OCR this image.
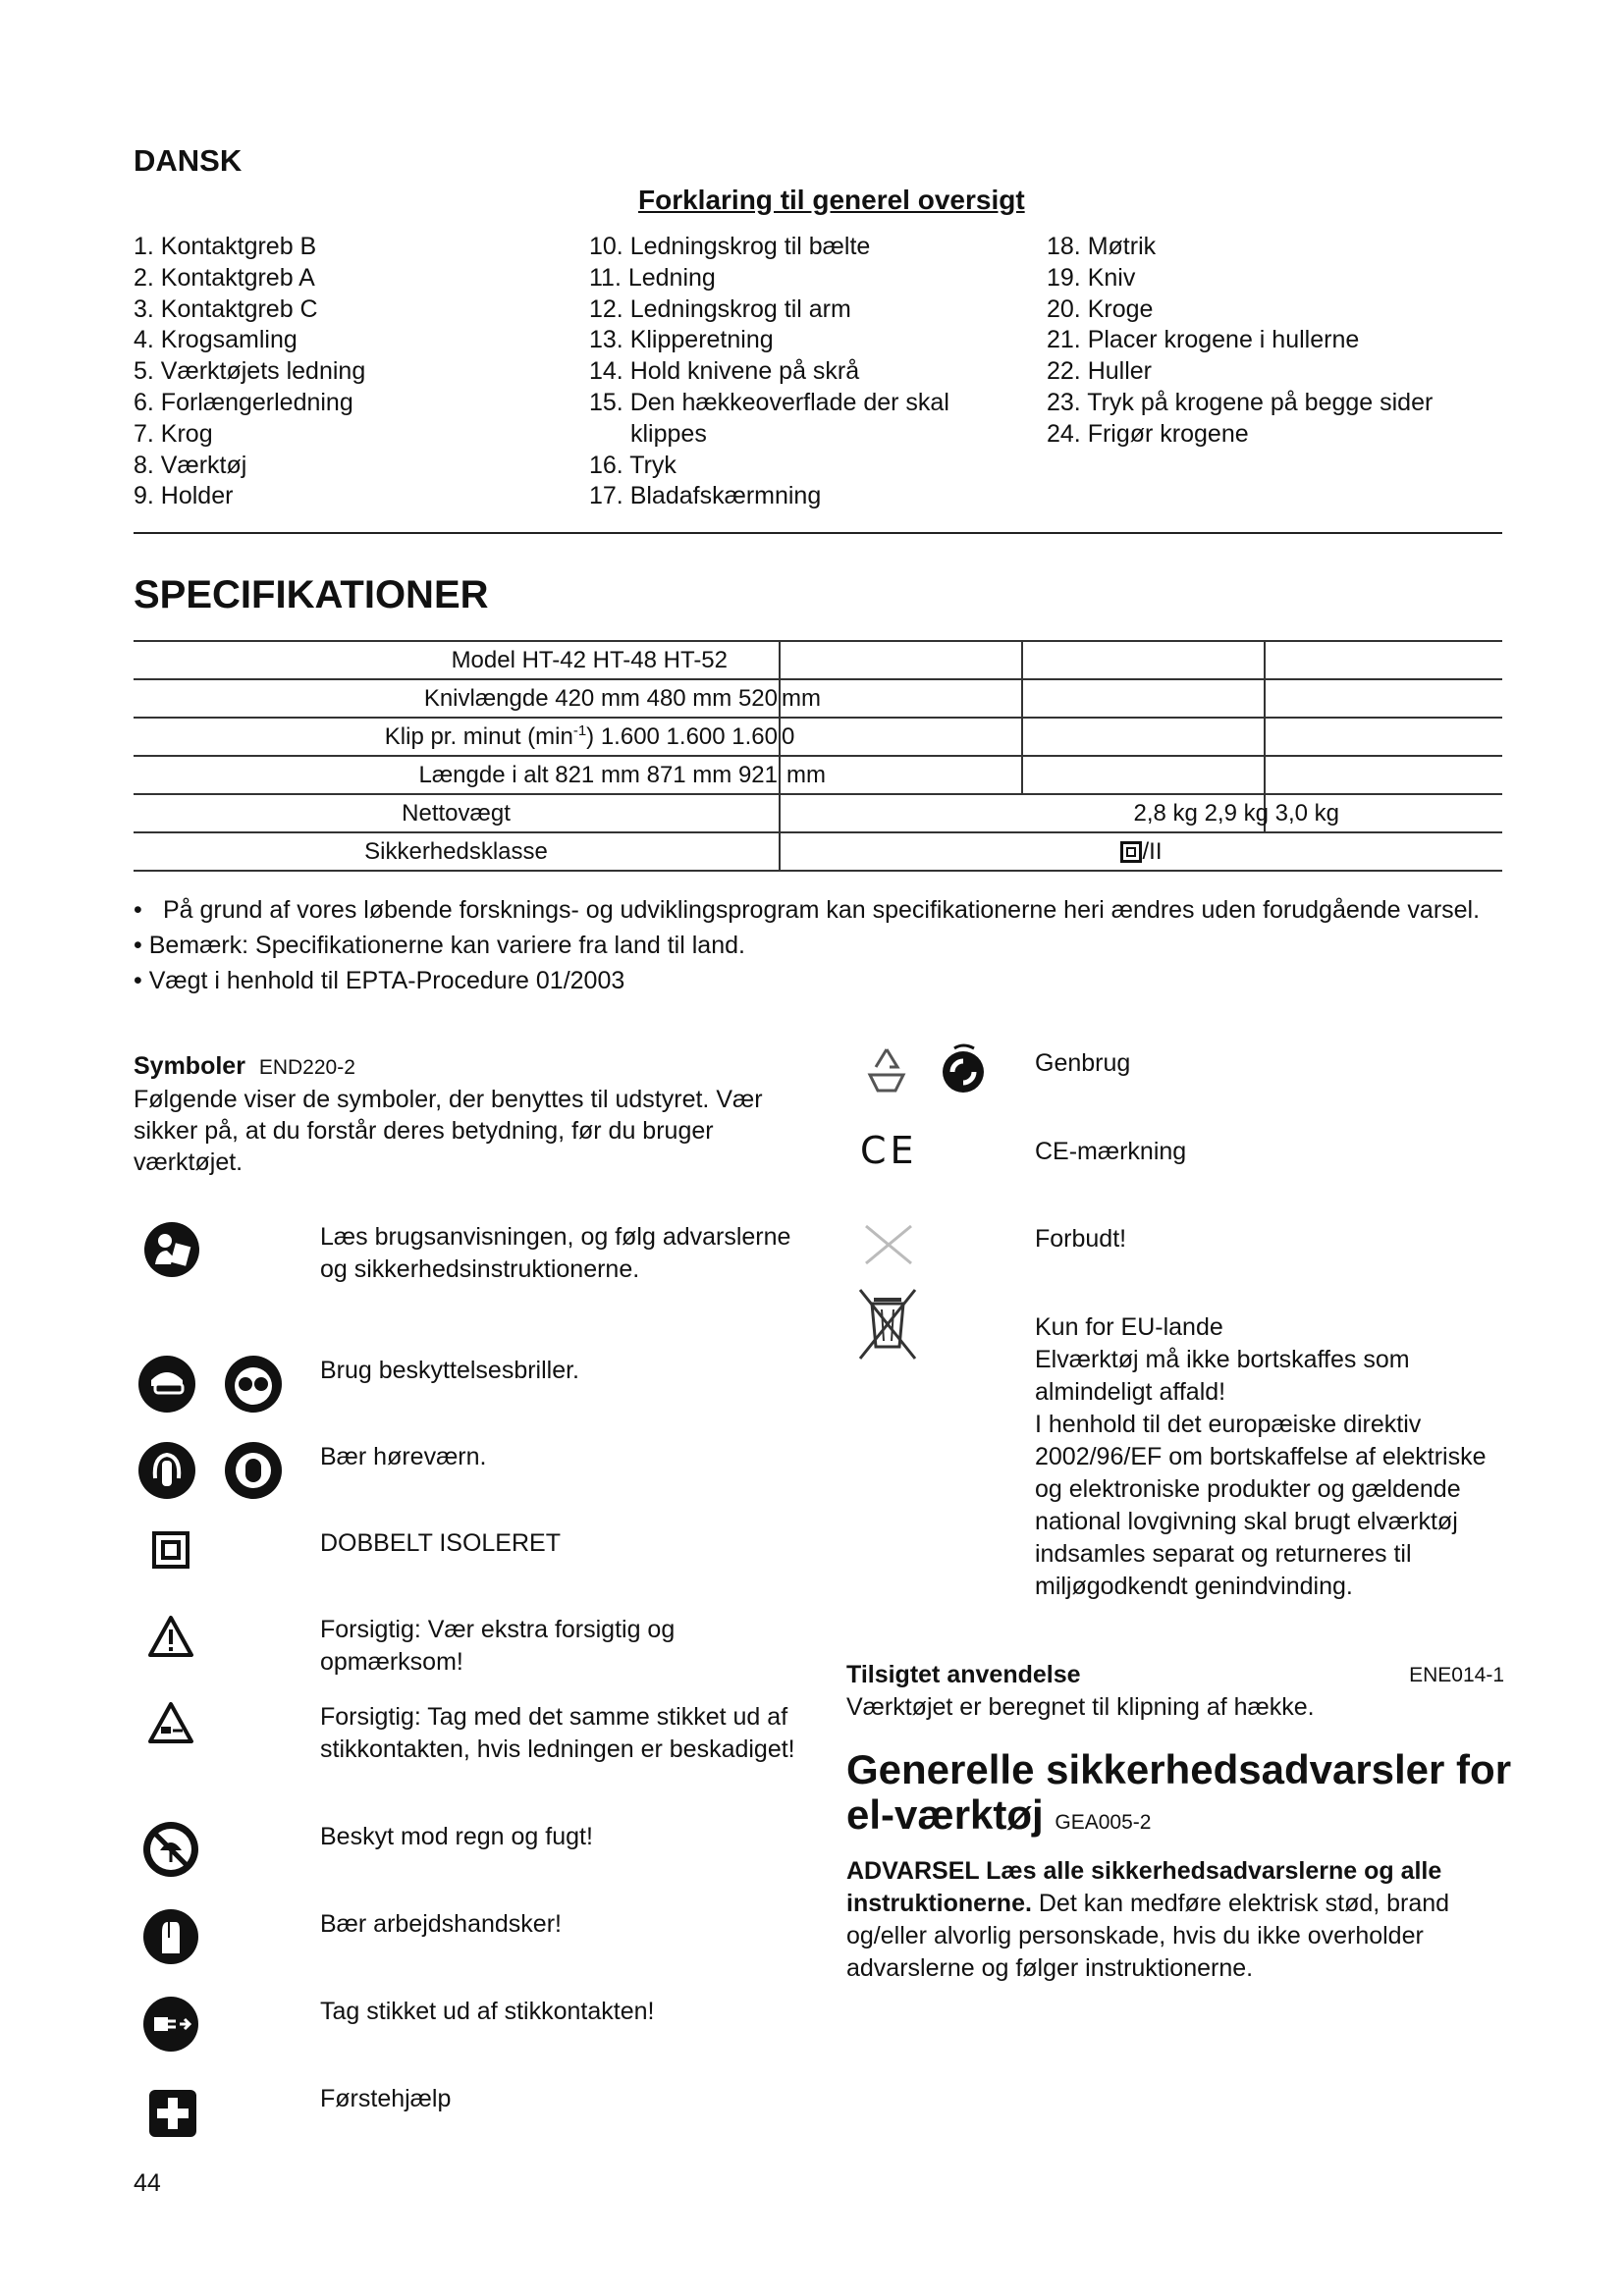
DANSK
Forklaring til generel oversigt
1. Kontaktgreb B
2. Kontaktgreb A
3. Kontaktgreb C
4. Krogsamling
5. Værktøjets ledning
6. Forlængerledning
7. Krog
8. Værktøj
9. Holder
10. Ledningskrog til bælte
11. Ledning
12. Ledningskrog til arm
13. Klipperetning
14. Hold knivene på skrå
15. Den hækkeoverflade der skal
klippes
16. Tryk
17. Bladafskærmning
18. Møtrik
19. Kniv
20. Kroge
21. Placer krogene i hullerne
22. Huller
23. Tryk på krogene på begge sider
24. Frigør krogene
SPECIFIKATIONER
Model HT-42 HT-48 HT-52			
Knivlængde 420 mm 480 mm 520	mm		
Klip pr. minut $(\min^{-1})$ 1.600 1.600 1.60	0		
Længde i alt 821 mm 871 mm 921	mm		
Nettovægt	2,8 kg 2,9 kg 3,0 kg		
Sikkerhedsklasse	/II		
• På grund af vores løbende forsknings- og udviklingsprogram kan specifikationerne heri ændres uden forudgående varsel.
• Bemærk: Specifikationerne kan variere fra land til land.
• Vægt i henhold til EPTA-Procedure 01/2003
Symboler END220-2
Følgende viser de symboler, der benyttes til udstyret. Vær sikker på, at du forstår deres betydning, før du bruger værktøjet.
Læs brugsanvisningen, og følg advarslerne og sikkerhedsinstruktionerne.
Brug beskyttelsesbriller.
Bær høreværn.
DOBBELT ISOLERET
Forsigtig: Vær ekstra forsigtig og opmærksom!
Forsigtig: Tag med det samme stikket ud af stikkontakten, hvis ledningen er beskadiget!
Beskyt mod regn og fugt!
Bær arbejdshandsker!
Tag stikket ud af stikkontakten!
Førstehjælp
CE
Genbrug
CE-mærkning
Forbudt!
Kun for EU-lande
Elværktøj må ikke bortskaffes som almindeligt affald!
I henhold til det europæiske direktiv 2002/96/EF om bortskaffelse af elektriske og elektroniske produkter og gældende national lovgivning skal brugt elværktøj indsamles separat og returneres til miljøgodkendt genindvinding.
Tilsigtet anvendelse	ENE014-1
Værktøjet er beregnet til klipning af hække.
Generelle sikkerhedsadvarsler for
el-værktøj GEA005-2
ADVARSEL Læs alle sikkerhedsadvarslerne og alle instruktionerne. Det kan medføre elektrisk stød, brand og/eller alvorlig personskade, hvis du ikke overholder advarslerne og følger instruktionerne.
44
